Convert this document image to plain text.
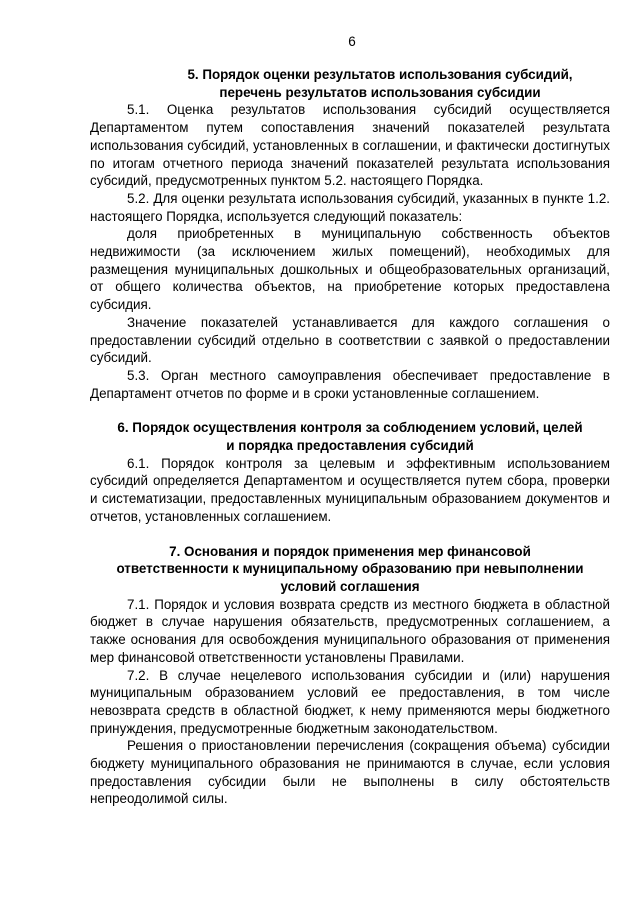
6
5. Порядок оценки результатов использования субсидий,
перечень результатов использования субсидии

5.1. Оценка результатов использования субсидий осуществляется Департаментом путем сопоставления значений показателей результата использования субсидий, установленных в соглашении, и фактически достигнутых по итогам отчетного периода значений показателей результата использования субсидий, предусмотренных пунктом 5.2. настоящего Порядка.

5.2. Для оценки результата использования субсидий, указанных в пункте 1.2. настоящего Порядка, используется следующий показатель:

доля приобретенных в муниципальную собственность объектов недвижимости (за исключением жилых помещений), необходимых для размещения муниципальных дошкольных и общеобразовательных организаций, от общего количества объектов, на приобретение которых предоставлена субсидия.

Значение показателей устанавливается для каждого соглашения о предоставлении субсидий отдельно в соответствии с заявкой о предоставлении субсидий.

5.3. Орган местного самоуправления обеспечивает предоставление в Департамент отчетов по форме и в сроки установленные соглашением.

6. Порядок осуществления контроля за соблюдением условий, целей
и порядка предоставления субсидий

6.1. Порядок контроля за целевым и эффективным использованием субсидий определяется Департаментом и осуществляется путем сбора, проверки и систематизации, предоставленных муниципальным образованием документов и отчетов, установленных соглашением.

7. Основания и порядок применения мер финансовой
ответственности к муниципальному образованию при невыполнении
условий соглашения

7.1. Порядок и условия возврата средств из местного бюджета в областной бюджет в случае нарушения обязательств, предусмотренных соглашением, а также основания для освобождения муниципального образования от применения мер финансовой ответственности установлены Правилами.

7.2. В случае нецелевого использования субсидии и (или) нарушения муниципальным образованием условий ее предоставления, в том числе невозврата средств в областной бюджет, к нему применяются меры бюджетного принуждения, предусмотренные бюджетным законодательством.

Решения о приостановлении перечисления (сокращения объема) субсидии бюджету муниципального образования не принимаются в случае, если условия предоставления субсидии были не выполнены в силу обстоятельств непреодолимой силы.
